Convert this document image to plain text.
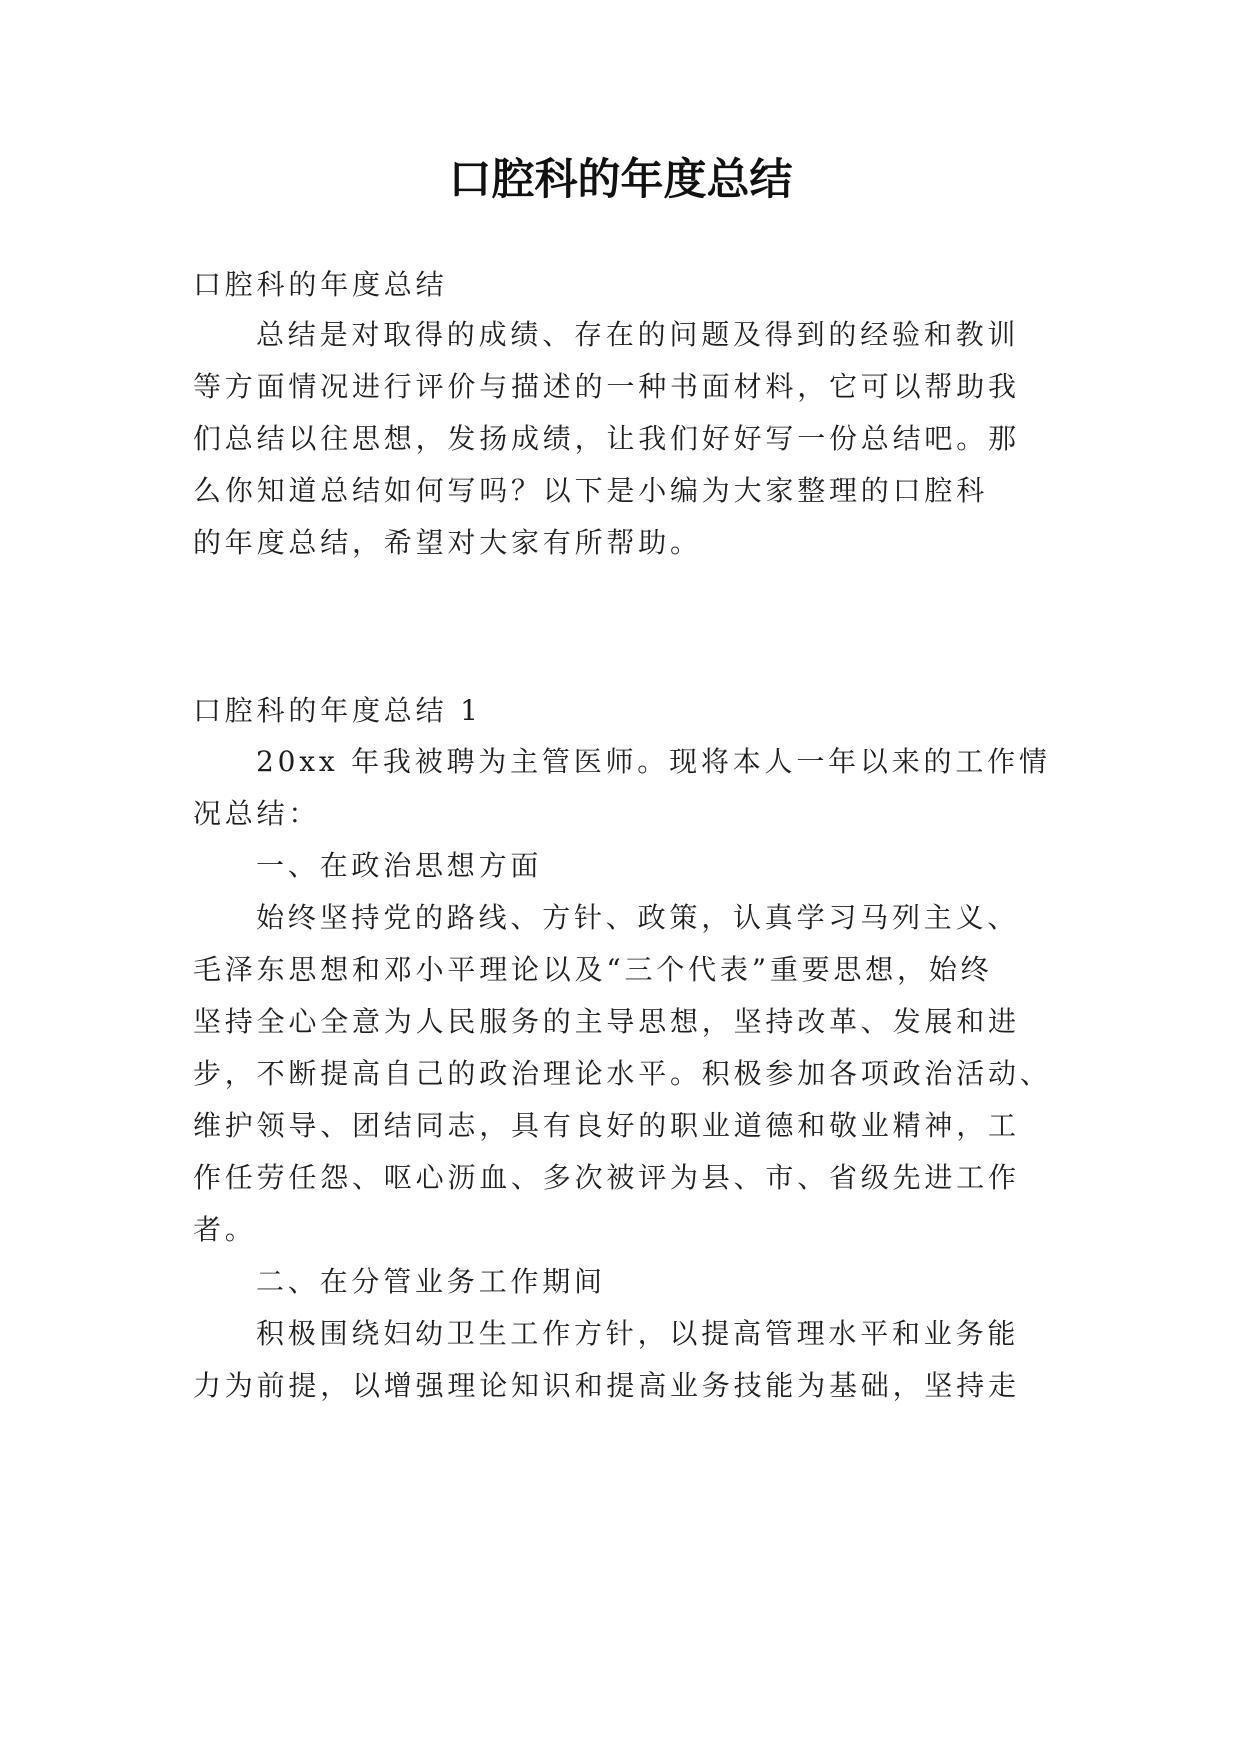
口腔科的年度总结
口腔科的年度总结
总结是对取得的成绩、存在的问题及得到的经验和教训
等方面情况进行评价与描述的一种书面材料，它可以帮助我
们总结以往思想，发扬成绩，让我们好好写一份总结吧。那
么你知道总结如何写吗？以下是小编为大家整理的口腔科
的年度总结，希望对大家有所帮助。
口腔科的年度总结 1
20xx 年我被聘为主管医师。现将本人一年以来的工作情
况总结：
一、在政治思想方面
始终坚持党的路线、方针、政策，认真学习马列主义、
毛泽东思想和邓小平理论以及“三个代表”重要思想，始终
坚持全心全意为人民服务的主导思想，坚持改革、发展和进
步，不断提高自己的政治理论水平。积极参加各项政治活动、
维护领导、团结同志，具有良好的职业道德和敬业精神，工
作任劳任怨、呕心沥血、多次被评为县、市、省级先进工作
者。
二、在分管业务工作期间
积极围绕妇幼卫生工作方针，以提高管理水平和业务能
力为前提，以增强理论知识和提高业务技能为基础，坚持走
